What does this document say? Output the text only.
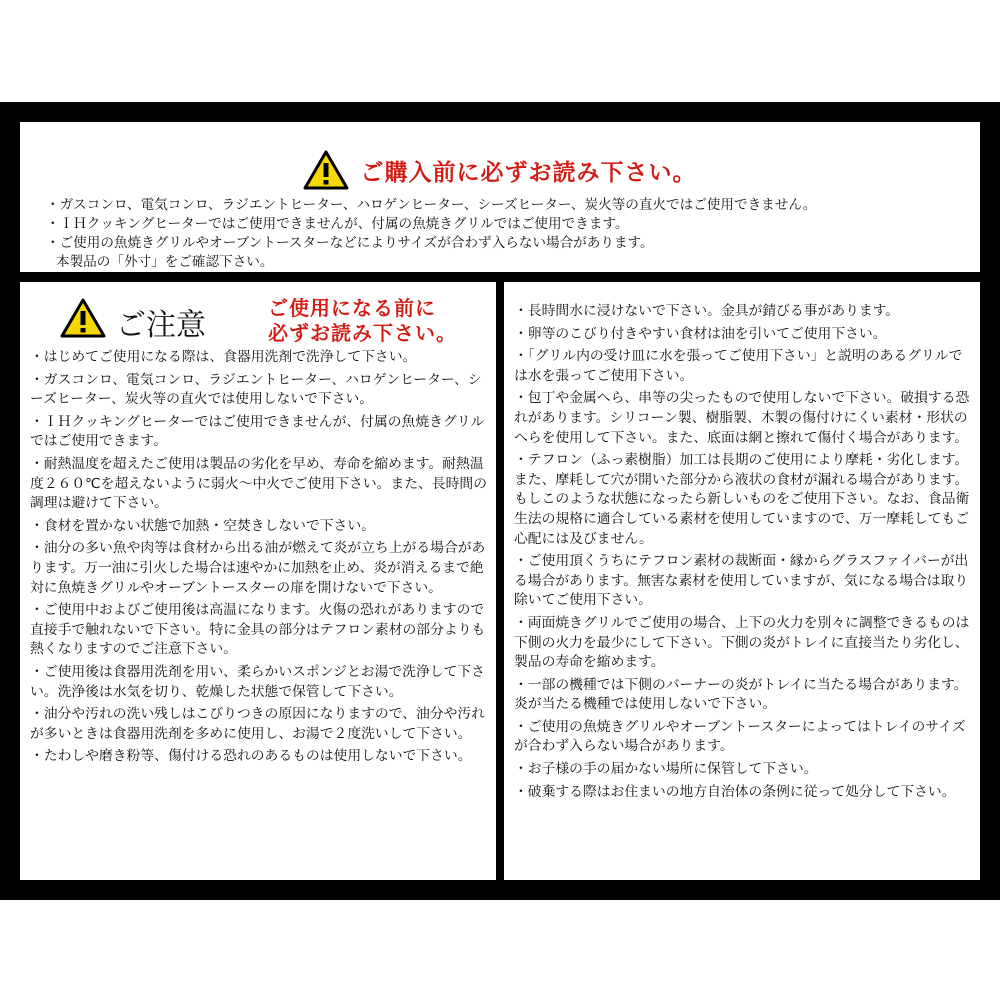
ご購入前に必ずお読み下さい。
・ガスコンロ、電気コンロ、ラジエントヒーター、ハロゲンヒーター、シーズヒーター、炭火等の直火ではご使用できません。
・ＩＨクッキングヒーターではご使用できませんが、付属の魚焼きグリルではご使用できます。
・ご使用の魚焼きグリルやオーブントースターなどによりサイズが合わず入らない場合があります。
本製品の「外寸」をご確認下さい。
ご注意	ご使用になる前に
必ずお読み下さい。
・はじめてご使用になる際は、食器用洗剤で洗浄して下さい。
・ガスコンロ、電気コンロ、ラジエントヒーター、ハロゲンヒーター、シーズヒーター、炭火等の直火では使用しないで下さい。
・ＩＨクッキングヒーターではご使用できませんが、付属の魚焼きグリルではご使用できます。
・耐熱温度を超えたご使用は製品の劣化を早め、寿命を縮めます。耐熱温度２６０℃を超えないように弱火～中火でご使用下さい。また、長時間の調理は避けて下さい。
・食材を置かない状態で加熱・空焚きしないで下さい。
・油分の多い魚や肉等は食材から出る油が燃えて炎が立ち上がる場合があります。万一油に引火した場合は速やかに加熱を止め、炎が消えるまで絶対に魚焼きグリルやオーブントースターの扉を開けないで下さい。
・ご使用中およびご使用後は高温になります。火傷の恐れがありますので直接手で触れないで下さい。特に金具の部分はテフロン素材の部分よりも熱くなりますのでご注意下さい。
・ご使用後は食器用洗剤を用い、柔らかいスポンジとお湯で洗浄して下さい。洗浄後は水気を切り、乾燥した状態で保管して下さい。
・油分や汚れの洗い残しはこびりつきの原因になりますので、油分や汚れが多いときは食器用洗剤を多めに使用し、お湯で２度洗いして下さい。
・たわしや磨き粉等、傷付ける恐れのあるものは使用しないで下さい。
・長時間水に浸けないで下さい。金具が錆びる事があります。
・卵等のこびり付きやすい食材は油を引いてご使用下さい。
・「グリル内の受け皿に水を張ってご使用下さい」と説明のあるグリルでは水を張ってご使用下さい。
・包丁や金属へら、串等の尖ったもので使用しないで下さい。破損する恐れがあります。シリコーン製、樹脂製、木製の傷付けにくい素材・形状のへらを使用して下さい。また、底面は網と擦れて傷付く場合があります。
・テフロン（ふっ素樹脂）加工は長期のご使用により摩耗・劣化します。また、摩耗して穴が開いた部分から液状の食材が漏れる場合があります。もしこのような状態になったら新しいものをご使用下さい。なお、食品衛生法の規格に適合している素材を使用していますので、万一摩耗してもご心配には及びません。
・ご使用頂くうちにテフロン素材の裁断面・縁からグラスファイバーが出る場合があります。無害な素材を使用していますが、気になる場合は取り除いてご使用下さい。
・両面焼きグリルでご使用の場合、上下の火力を別々に調整できるものは下側の火力を最少にして下さい。下側の炎がトレイに直接当たり劣化し、製品の寿命を縮めます。
・一部の機種では下側のバーナーの炎がトレイに当たる場合があります。炎が当たる機種では使用しないで下さい。
・ご使用の魚焼きグリルやオーブントースターによってはトレイのサイズが合わず入らない場合があります。
・お子様の手の届かない場所に保管して下さい。
・破棄する際はお住まいの地方自治体の条例に従って処分して下さい。
